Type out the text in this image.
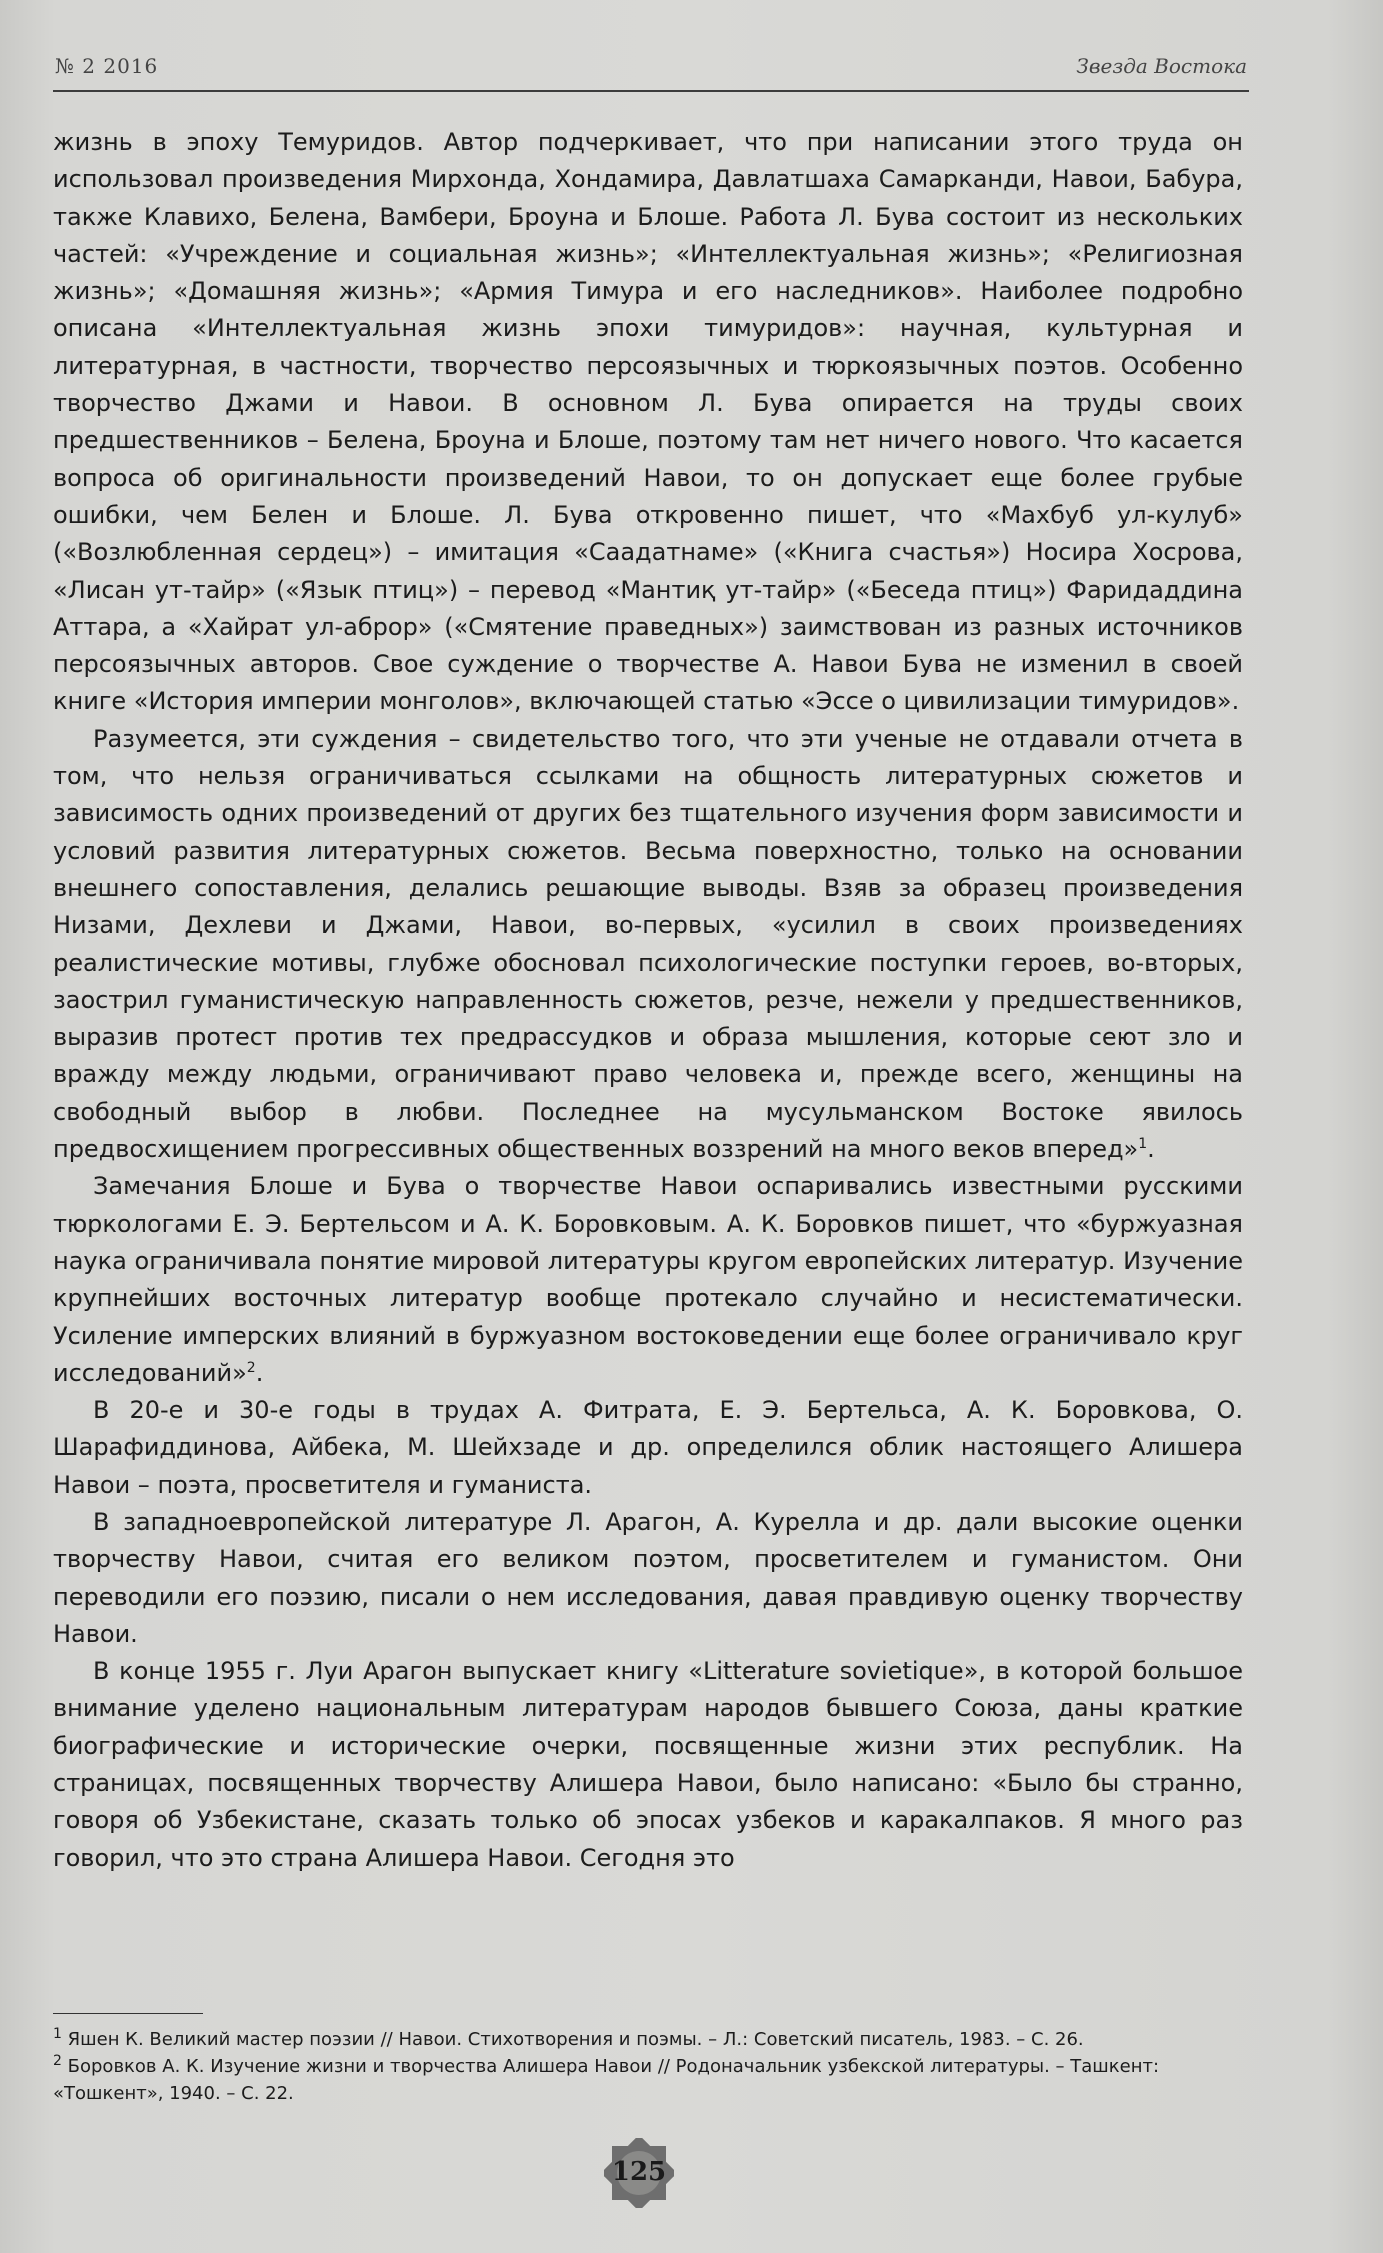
№ 2 2016	Звезда Востока

жизнь в эпоху Темуридов. Автор подчеркивает, что при написании этого труда он использовал произведения Мирхонда, Хондамира, Давлатшаха Самарканди, Навои, Бабура, также Клавихо, Белена, Вамбери, Броуна и Блоше. Работа Л. Бува состоит из нескольких частей: «Учреждение и социальная жизнь»; «Интеллектуальная жизнь»; «Религиозная жизнь»; «Домашняя жизнь»; «Армия Тимура и его наследников». Наиболее подробно описана «Интеллектуальная жизнь эпохи тимуридов»: научная, культурная и литературная, в частности, творчество персоязычных и тюркоязычных поэтов. Особенно творчество Джами и Навои. В основном Л. Бува опирается на труды своих предшественников – Белена, Броуна и Блоше, поэтому там нет ничего нового. Что касается вопроса об оригинальности произведений Навои, то он допускает еще более грубые ошибки, чем Белен и Блоше. Л. Бува откровенно пишет, что «Махбуб ул-кулуб» («Возлюбленная сердец») – имитация «Саадатнаме» («Книга счастья») Носира Хосрова, «Лисан ут-тайр» («Язык птиц») – перевод «Мантиқ ут-тайр» («Беседа птиц») Фаридаддина Аттара, а «Хайрат ул-аброр» («Смятение праведных») заимствован из разных источников персоязычных авторов. Свое суждение о творчестве А. Навои Бува не изменил в своей книге «История империи монголов», включающей статью «Эссе о цивилизации тимуридов».

Разумеется, эти суждения – свидетельство того, что эти ученые не отдавали отчета в том, что нельзя ограничиваться ссылками на общность литературных сюжетов и зависимость одних произведений от других без тщательного изучения форм зависимости и условий развития литературных сюжетов. Весьма поверхностно, только на основании внешнего сопоставления, делались решающие выводы. Взяв за образец произведения Низами, Дехлеви и Джами, Навои, во-первых, «усилил в своих произведениях реалистические мотивы, глубже обосновал психологические поступки героев, во-вторых, заострил гуманистическую направленность сюжетов, резче, нежели у предшественников, выразив протест против тех предрассудков и образа мышления, которые сеют зло и вражду между людьми, ограничивают право человека и, прежде всего, женщины на свободный выбор в любви. Последнее на мусульманском Востоке явилось предвосхищением прогрессивных общественных воззрений на много веков вперед»$^1$.

Замечания Блоше и Бува о творчестве Навои оспаривались известными русскими тюркологами Е. Э. Бертельсом и А. К. Боровковым. А. К. Боровков пишет, что «буржуазная наука ограничивала понятие мировой литературы кругом европейских литератур. Изучение крупнейших восточных литератур вообще протекало случайно и несистематически. Усиление имперских влияний в буржуазном востоковедении еще более ограничивало круг исследований»$^2$.

В 20-е и 30-е годы в трудах А. Фитрата, Е. Э. Бертельса, А. К. Боровкова, О. Шарафиддинова, Айбека, М. Шейхзаде и др. определился облик настоящего Алишера Навои – поэта, просветителя и гуманиста.

В западноевропейской литературе Л. Арагон, А. Курелла и др. дали высокие оценки творчеству Навои, считая его великом поэтом, просветителем и гуманистом. Они переводили его поэзию, писали о нем исследования, давая правдивую оценку творчеству Навои.

В конце 1955 г. Луи Арагон выпускает книгу «Litterature sovietique», в которой большое внимание уделено национальным литературам народов бывшего Союза, даны краткие биографические и исторические очерки, посвященные жизни этих республик. На страницах, посвященных творчеству Алишера Навои, было написано: «Было бы странно, говоря об Узбекистане, сказать только об эпосах узбеков и каракалпаков. Я много раз говорил, что это страна Алишера Навои. Сегодня это

$^1$ Яшен К. Великий мастер поэзии // Навои. Стихотворения и поэмы. – Л.: Советский писатель, 1983. – С. 26.

$^2$ Боровков А. К. Изучение жизни и творчества Алишера Навои // Родоначальник узбекской литературы. – Ташкент: «Тошкент», 1940. – С. 22.

125
